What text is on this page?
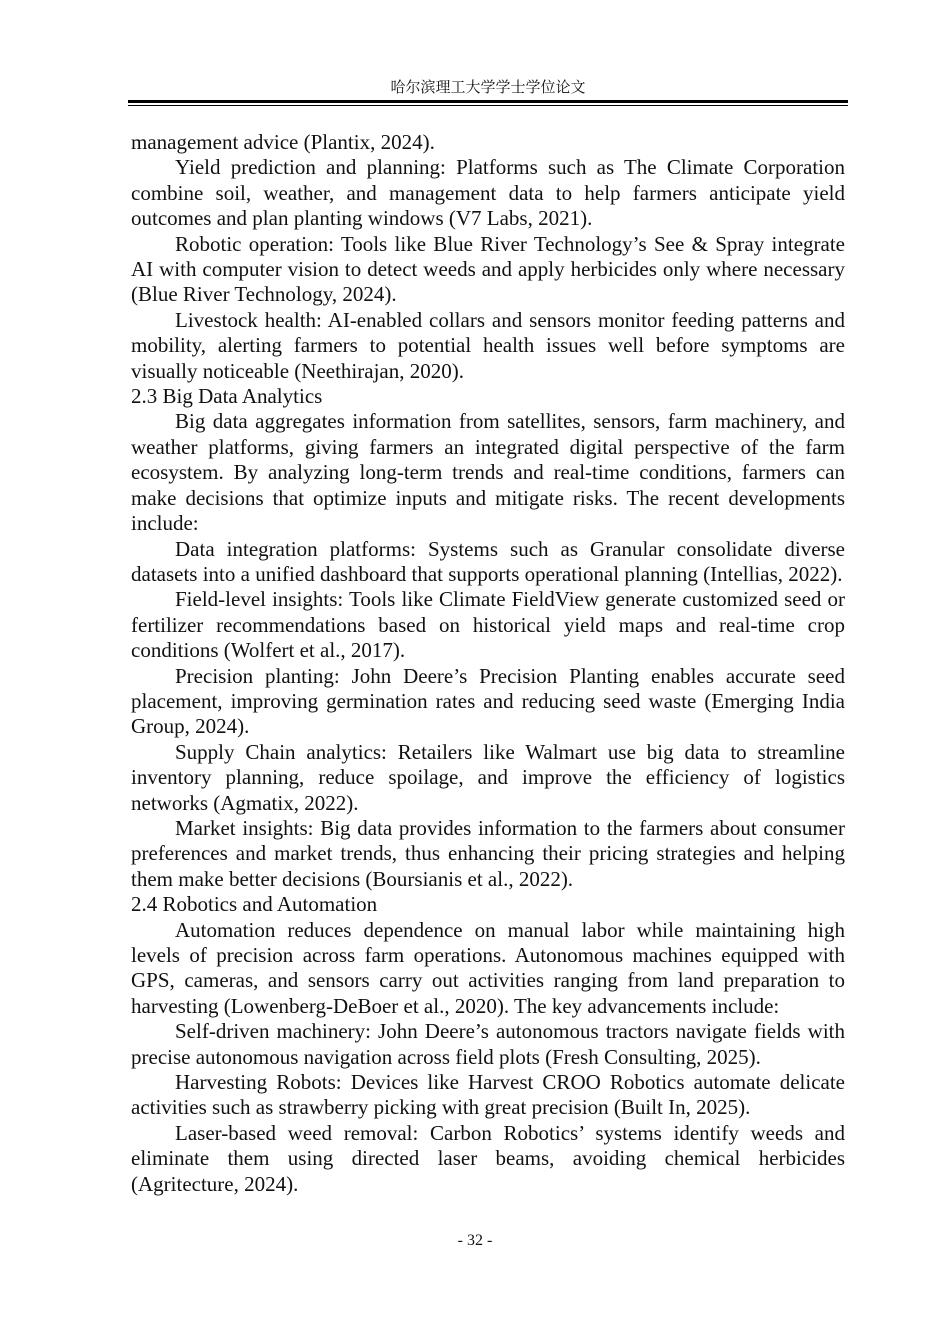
哈尔滨理工大学学士学位论文

management advice (Plantix, 2024).

Yield prediction and planning: Platforms such as The Climate Corporation combine soil, weather, and management data to help farmers anticipate yield outcomes and plan planting windows (V7 Labs, 2021).

Robotic operation: Tools like Blue River Technology’s See & Spray integrate AI with computer vision to detect weeds and apply herbicides only where necessary (Blue River Technology, 2024).

Livestock health: AI-enabled collars and sensors monitor feeding patterns and mobility, alerting farmers to potential health issues well before symptoms are visually noticeable (Neethirajan, 2020).

2.3 Big Data Analytics

Big data aggregates information from satellites, sensors, farm machinery, and weather platforms, giving farmers an integrated digital perspective of the farm ecosystem. By analyzing long-term trends and real-time conditions, farmers can make decisions that optimize inputs and mitigate risks. The recent developments include:

Data integration platforms: Systems such as Granular consolidate diverse datasets into a unified dashboard that supports operational planning (Intellias, 2022).

Field-level insights: Tools like Climate FieldView generate customized seed or fertilizer recommendations based on historical yield maps and real-time crop conditions (Wolfert et al., 2017).

Precision planting: John Deere’s Precision Planting enables accurate seed placement, improving germination rates and reducing seed waste (Emerging India Group, 2024).

Supply Chain analytics: Retailers like Walmart use big data to streamline inventory planning, reduce spoilage, and improve the efficiency of logistics networks (Agmatix, 2022).

Market insights: Big data provides information to the farmers about consumer preferences and market trends, thus enhancing their pricing strategies and helping them make better decisions (Boursianis et al., 2022).

2.4 Robotics and Automation

Automation reduces dependence on manual labor while maintaining high levels of precision across farm operations. Autonomous machines equipped with GPS, cameras, and sensors carry out activities ranging from land preparation to harvesting (Lowenberg-DeBoer et al., 2020). The key advancements include:

Self-driven machinery: John Deere’s autonomous tractors navigate fields with precise autonomous navigation across field plots (Fresh Consulting, 2025).

Harvesting Robots: Devices like Harvest CROO Robotics automate delicate activities such as strawberry picking with great precision (Built In, 2025).

Laser-based weed removal: Carbon Robotics’ systems identify weeds and eliminate them using directed laser beams, avoiding chemical herbicides (Agritecture, 2024).

- 32 -
